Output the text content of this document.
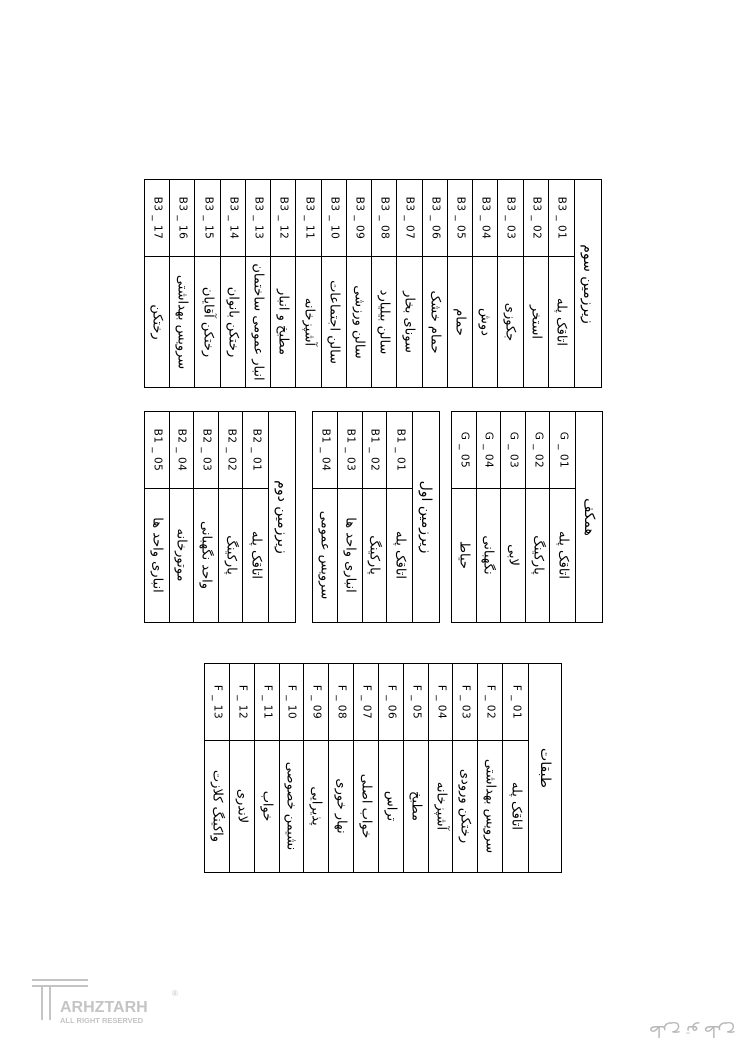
زیرزمین سوم
B3 _ 01
اتاقک پله
B3 _ 02
استخر
B3 _ 03
جکوزی
B3 _ 04
دوش
B3 _ 05
حمام
B3 _ 06
حمام خشک
B3 _ 07
سونای بخار
B3 _ 08
سالن بیلیارد
B3 _ 09
سالن ورزشی
B3 _ 10
سالن اجتماعات
B3 _ 11
آشپزخانه
B3 _ 12
مطبخ و انبار
B3 _ 13
انبار عمومی ساختمان
B3 _ 14
رختکن بانوان
B3 _ 15
رختکن آقایان
B3 _ 16
سرویس بهداشتی
B3 _ 17
رختکن
همکف
G _ 01
اتاقک پله
G _ 02
پارکینگ
G _ 03
لابی
G _ 04
نگهبانی
G _ 05
حیاط
زیرزمین اول
B1 _ 01
اتاقک پله
B1 _ 02
پارکینگ
B1 _ 03
انباری واحد ها
B1 _ 04
سرویس عمومی
زیرزمین دوم
B2 _ 01
اتاقک پله
B2 _ 02
پارکینگ
B2 _ 03
واحد نگهبانی
B2 _ 04
موتورخانه
B1 _ 05
انباری واحد ها
طبقات
F _ 01
اتاقک پله
F _ 02
سرویس بهداشتی
F _ 03
رختکن ورودی
F _ 04
آشپزخانه
F _ 05
مطبخ
F _ 06
تراس
F _ 07
خواب اصلی
F _ 08
نهار خوری
F _ 09
پذیرایی
F _ 10
نشیمن خصوصی
F _ 11
خواب
F _ 12
لاندری
F _ 13
واکینگ کلازت
ARHZTARH
®
ALL RIGHT RESERVED
طرح تو طرح
